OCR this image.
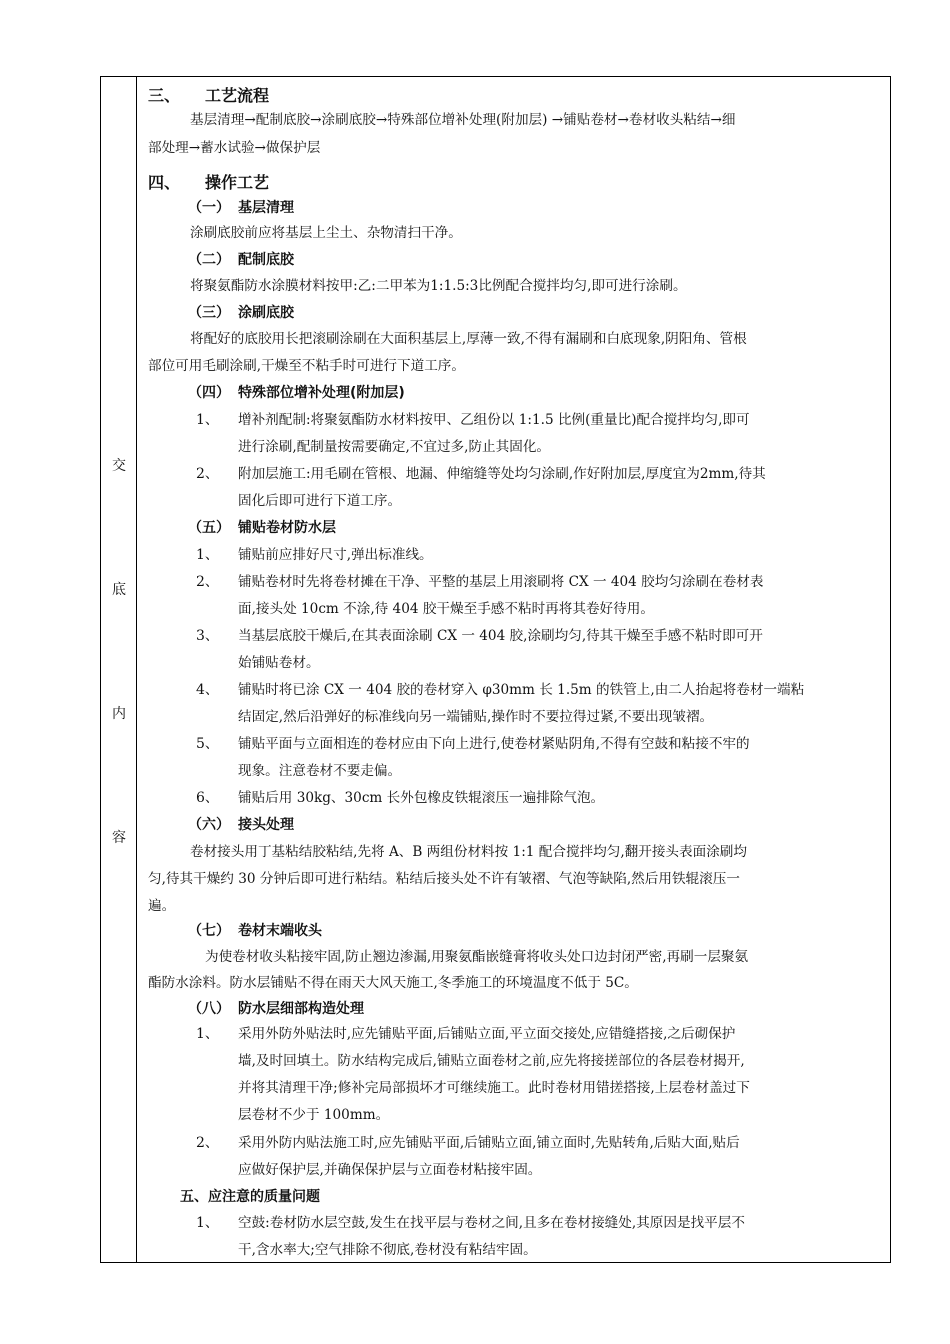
交
底
内
容
三、 工艺流程
基层清理→配制底胶→涂刷底胶→特殊部位增补处理(附加层) →铺贴卷材→卷材收头粘结→细
部处理→蓄水试验→做保护层
四、 操作工艺
（一） 基层清理
涂刷底胶前应将基层上尘土、杂物清扫干净。
（二） 配制底胶
将聚氨酯防水涂膜材料按甲:乙:二甲苯为1:1.5:3比例配合搅拌均匀,即可进行涂刷。
（三） 涂刷底胶
将配好的底胶用长把滚刷涂刷在大面积基层上,厚薄一致,不得有漏刷和白底现象,阴阳角、管根
部位可用毛刷涂刷,干燥至不粘手时可进行下道工序。
（四） 特殊部位增补处理(附加层)
1、 增补剂配制:将聚氨酯防水材料按甲、乙组份以 1:1.5 比例(重量比)配合搅拌均匀,即可
进行涂刷,配制量按需要确定,不宜过多,防止其固化。
2、 附加层施工:用毛刷在管根、地漏、伸缩缝等处均匀涂刷,作好附加层,厚度宜为2mm,待其
固化后即可进行下道工序。
（五） 铺贴卷材防水层
1、 铺贴前应排好尺寸,弹出标准线。
2、 铺贴卷材时先将卷材摊在干净、平整的基层上用滚刷将 CX 一 404 胶均匀涂刷在卷材表
面,接头处 10cm 不涂,待 404 胶干燥至手感不粘时再将其卷好待用。
3、 当基层底胶干燥后,在其表面涂刷 CX 一 404 胶,涂刷均匀,待其干燥至手感不粘时即可开
始铺贴卷材。
4、 铺贴时将已涂 CX 一 404 胶的卷材穿入 φ30mm 长 1.5m 的铁管上,由二人抬起将卷材一端粘
结固定,然后沿弹好的标准线向另一端铺贴,操作时不要拉得过紧,不要出现皱褶。
5、 铺贴平面与立面相连的卷材应由下向上进行,使卷材紧贴阴角,不得有空鼓和粘接不牢的
现象。注意卷材不要走偏。
6、 铺贴后用 30kg、30cm 长外包橡皮铁辊滚压一遍排除气泡。
（六） 接头处理
卷材接头用丁基粘结胶粘结,先将 A、B 两组份材料按 1:1 配合搅拌均匀,翻开接头表面涂刷均
匀,待其干燥约 30 分钟后即可进行粘结。粘结后接头处不许有皱褶、气泡等缺陷,然后用铁辊滚压一
遍。
（七） 卷材末端收头
为使卷材收头粘接牢固,防止翘边渗漏,用聚氨酯嵌缝膏将收头处口边封闭严密,再刷一层聚氨
酯防水涂料。防水层铺贴不得在雨天大风天施工,冬季施工的环境温度不低于 5C。
（八） 防水层细部构造处理
1、 采用外防外贴法时,应先铺贴平面,后铺贴立面,平立面交接处,应错缝搭接,之后砌保护
墙,及时回填土。防水结构完成后,铺贴立面卷材之前,应先将接搓部位的各层卷材揭开,
并将其清理干净;修补完局部损坏才可继续施工。此时卷材用错搓搭接,上层卷材盖过下
层卷材不少于 100mm。
2、 采用外防内贴法施工时,应先铺贴平面,后铺贴立面,铺立面时,先贴转角,后贴大面,贴后
应做好保护层,并确保保护层与立面卷材粘接牢固。
五、应注意的质量问题
1、 空鼓:卷材防水层空鼓,发生在找平层与卷材之间,且多在卷材接缝处,其原因是找平层不
干,含水率大;空气排除不彻底,卷材没有粘结牢固。
